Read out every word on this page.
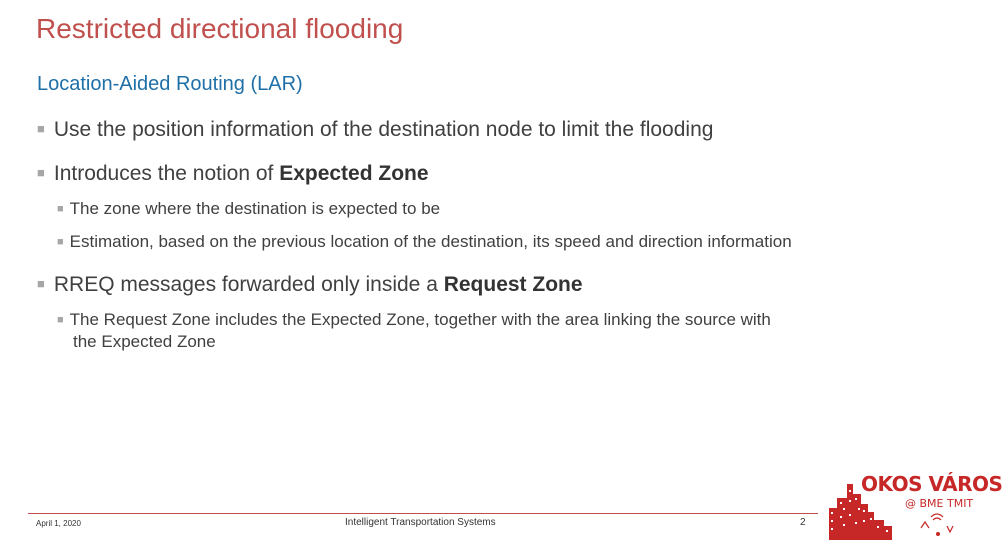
Restricted directional flooding
Location-Aided Routing (LAR)
■ Use the position information of the destination node to limit the flooding
■ Introduces the notion of Expected Zone
■ The zone where the destination is expected to be
■ Estimation, based on the previous location of the destination, its speed and direction information
■ RREQ messages forwarded only inside a Request Zone
■ The Request Zone includes the Expected Zone, together with the area linking the source with
the Expected Zone
April 1, 2020	Intelligent Transportation Systems	2
OKOS VÁROS
@ BME TMIT
